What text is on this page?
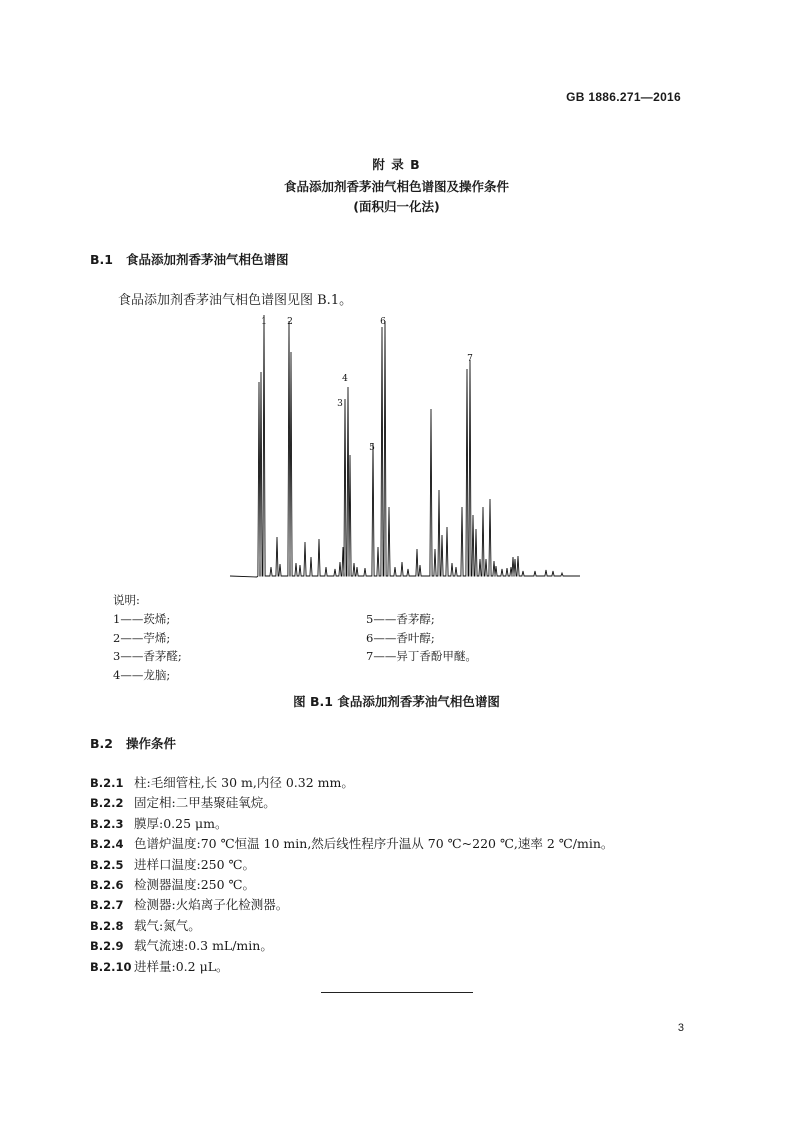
GB 1886.271—2016
附 录 B
食品添加剂香茅油气相色谱图及操作条件
(面积归一化法)
B.1 食品添加剂香茅油气相色谱图
食品添加剂香茅油气相色谱图见图 B.1。
1 2
3
4
5
6
7
说明:
1——莰烯;
2——苧烯;
3——香茅醛;
4——龙脑;
5——香茅醇;
6——香叶醇;
7——异丁香酚甲醚。
图 B.1 食品添加剂香茅油气相色谱图
B.2 操作条件
B.2.1 柱:毛细管柱,长 30 m,内径 0.32 mm。
B.2.2 固定相:二甲基聚硅氧烷。
B.2.3 膜厚:0.25 μm。
B.2.4 色谱炉温度:70 ℃恒温 10 min,然后线性程序升温从 70 ℃~220 ℃,速率 2 ℃/min。
B.2.5 进样口温度:250 ℃。
B.2.6 检测器温度:250 ℃。
B.2.7 检测器:火焰离子化检测器。
B.2.8 载气:氮气。
B.2.9 载气流速:0.3 mL/min。
B.2.10 进样量:0.2 μL。
3
